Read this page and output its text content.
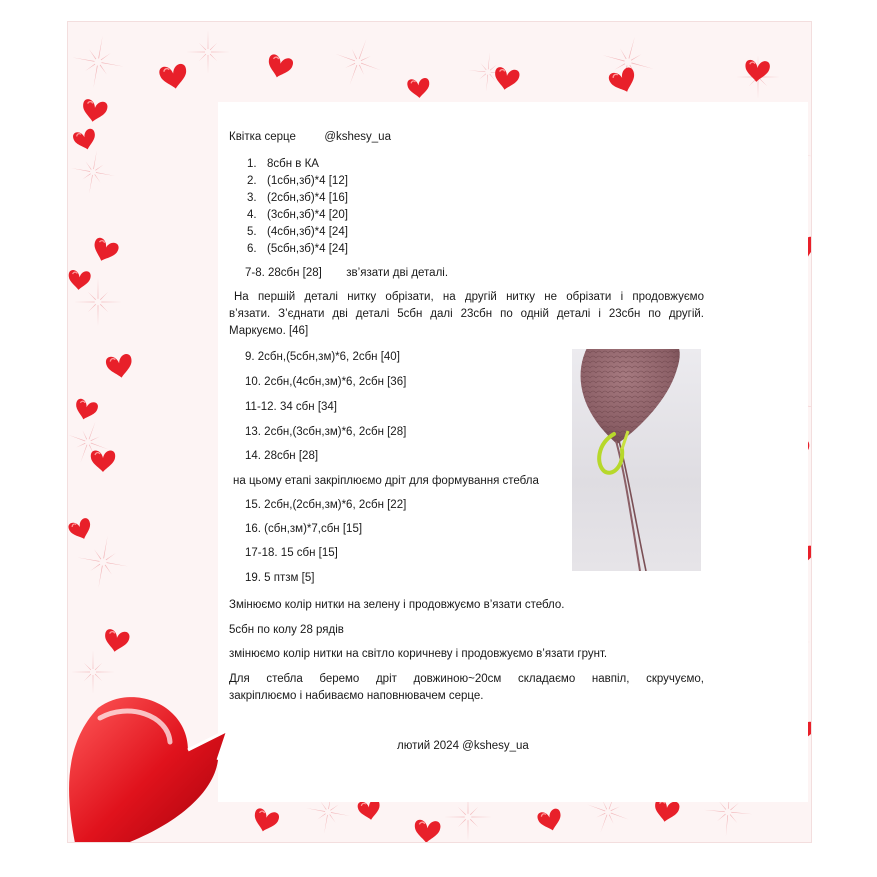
Квітка серце @kshesy_ua
1. 8сбн в КА
2. (1сбн,зб)*4 [12]
3. (2сбн,зб)*4 [16]
4. (3сбн,зб)*4 [20]
5. (4сбн,зб)*4 [24]
6. (5сбн,зб)*4 [24]
7-8. 28сбн [28] зв’язати дві деталі.
На першій деталі нитку обрізати, на другій нитку не обрізати і продовжуємо
в’язати. З’єднати дві деталі 5сбн далі 23сбн по одній деталі і 23сбн по другій.
Маркуємо. [46]
9. 2сбн,(5сбн,зм)*6, 2сбн [40]
10. 2сбн,(4сбн,зм)*6, 2сбн [36]
11-12. 34 сбн [34]
13. 2сбн,(3сбн,зм)*6, 2сбн [28]
14. 28сбн [28]
на цьому етапі закріплюємо дріт для формування стебла
15. 2сбн,(2сбн,зм)*6, 2сбн [22]
16. (сбн,зм)*7,сбн [15]
17-18. 15 сбн [15]
19. 5 птзм [5]
Змінюємо колір нитки на зелену і продовжуємо в’язати стебло.
5сбн по колу 28 рядів
змінюємо колір нитки на світло коричневу і продовжуємо в’язати грунт.
Для стебла беремо дріт довжиною~20см складаємо навпіл, скручуємо,
закріплюємо і набиваємо наповнювачем серце.
лютий 2024 @kshesy_ua
